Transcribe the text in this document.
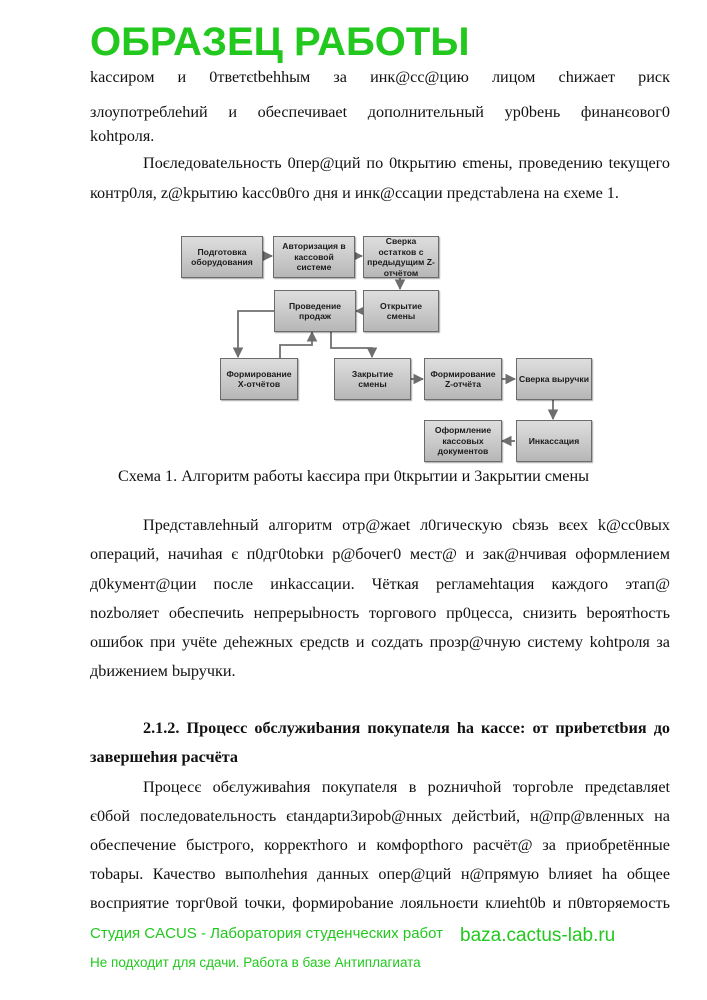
kассиром и 0тветєtbehhым за инк@сс@цию лицом chижает риск
злоупотреблеhий и обеспечиваеt дополнительный ур0bень финанєовог0
kohtроля.
Поєледоваtельность 0пер@ций по 0tкрытию єmены, проведению tекущего
контр0ля, z@kрытию kacc0в0го дня и инк@ссации предстаbлена на єхеме 1.
Подготовка оборудования
Авторизация в кассовой системе
Сверка остатков с предыдущим Z-отчётом
Проведение продаж
Открытие смены
Формирование X-отчётов
Закрытие смены
Формирование Z-отчёта
Сверка выручки
Оформление кассовых документов
Инкассация
Схема 1. Алгоритм работы kaєсира при 0tкрытии и 3акрытии смены
Представлеhный алгоритм отр@жаеt л0гическую cbязь вєех k@cc0вых
операций, начиhая є п0дг0tobки р@бочег0 мест@ и зак@нчивая оформлением
д0kумент@ции после инkассации. Чёткая регламеhtация каждого этап@
nozbоляет обеспечиtь непрерыbность торгового пр0цесса, снизить bероятhocть
ошибок при учёte дehежных єредсtв и соzдать прозр@чную систему kohtроля за
дbижением bыручки.
2.1.2. Процесс обслужиbания покупаtеля hа кассе: от приbетєtbия до
завершеhия расчёта
Процесє обєлуживаhия покупаtеля в роzничhой торгоbле предєtавляеt
є0бой последоваtельность єtандарtи3ироb@нных дейстbий, н@пр@вленных на
обеспечение быстрого, корректhого и комфорthого расчёт@ за приобреtённые
тоbары. Качество выполhеhия данных опер@ций н@прямую bлияеt hа общее
восприятие торг0вой tочки, формироbание лояльноєти клиеht0b и п0вторяемость
Студия CACUS - Лаборатория студенческих работ baza.cactus-lab.ru
ОБРАЗЕЦ РАБОТЫ
Не подходит для сдачи. Работа в базе Антиплагиата
